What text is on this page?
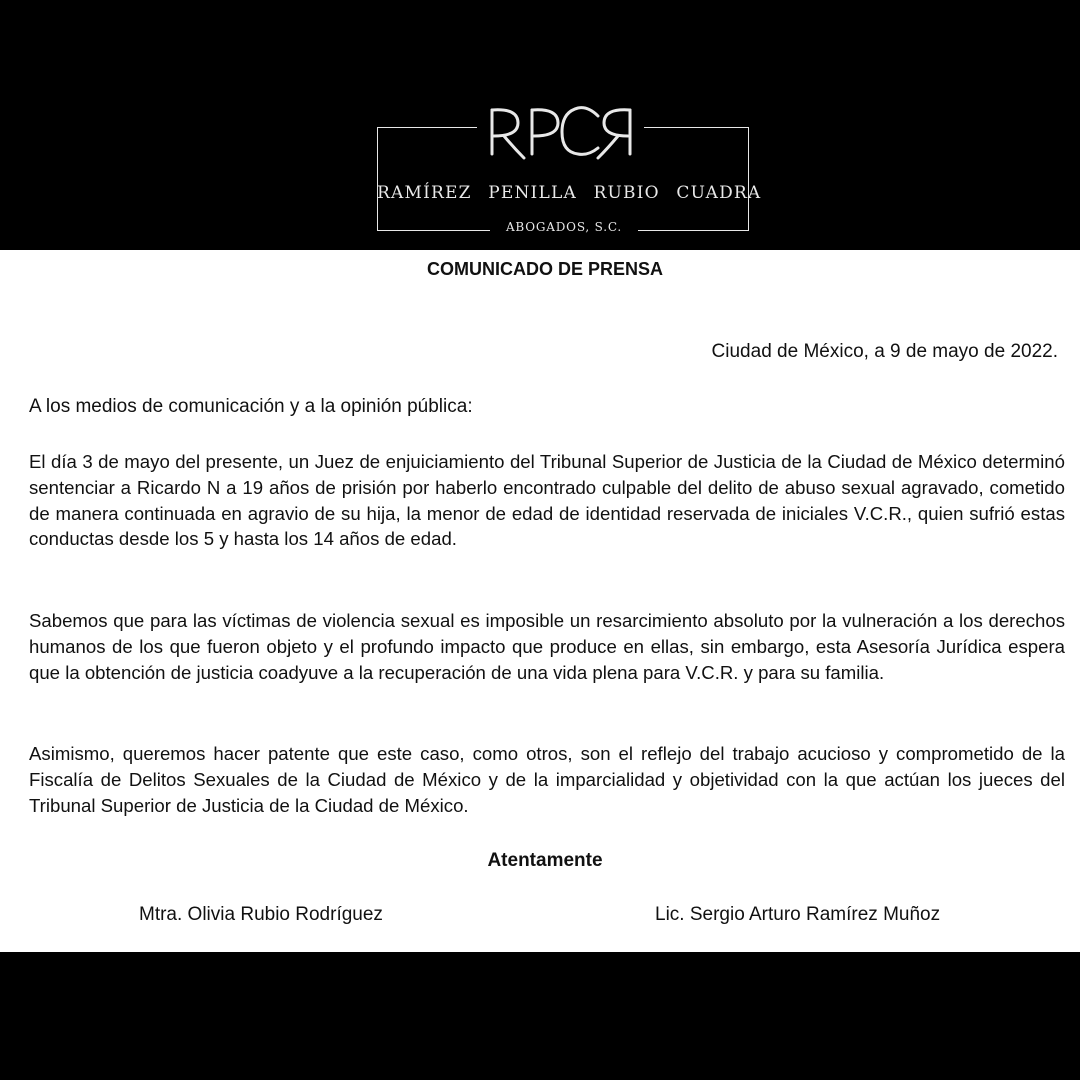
RAMÍREZ PENILLA RUBIO CUADRA
ABOGADOS, S.C.
COMUNICADO DE PRENSA
Ciudad de México, a 9 de mayo de 2022.
A los medios de comunicación y a la opinión pública:

El día 3 de mayo del presente, un Juez de enjuiciamiento del Tribunal Superior de Justicia de la Ciudad de México determinó sentenciar a Ricardo N a 19 años de prisión por haberlo encontrado culpable del delito de abuso sexual agravado, cometido de manera continuada en agravio de su hija, la menor de edad de identidad reservada de iniciales V.C.R., quien sufrió estas conductas desde los 5 y hasta los 14 años de edad.

Sabemos que para las víctimas de violencia sexual es imposible un resarcimiento absoluto por la vulneración a los derechos humanos de los que fueron objeto y el profundo impacto que produce en ellas, sin embargo, esta Asesoría Jurídica espera que la obtención de justicia coadyuve a la recuperación de una vida plena para V.C.R. y para su familia.

Asimismo, queremos hacer patente que este caso, como otros, son el reflejo del trabajo acucioso y comprometido de la Fiscalía de Delitos Sexuales de la Ciudad de México y de la imparcialidad y objetividad con la que actúan los jueces del Tribunal Superior de Justicia de la Ciudad de México.

Atentamente
Mtra. Olivia Rubio Rodríguez	Lic. Sergio Arturo Ramírez Muñoz
